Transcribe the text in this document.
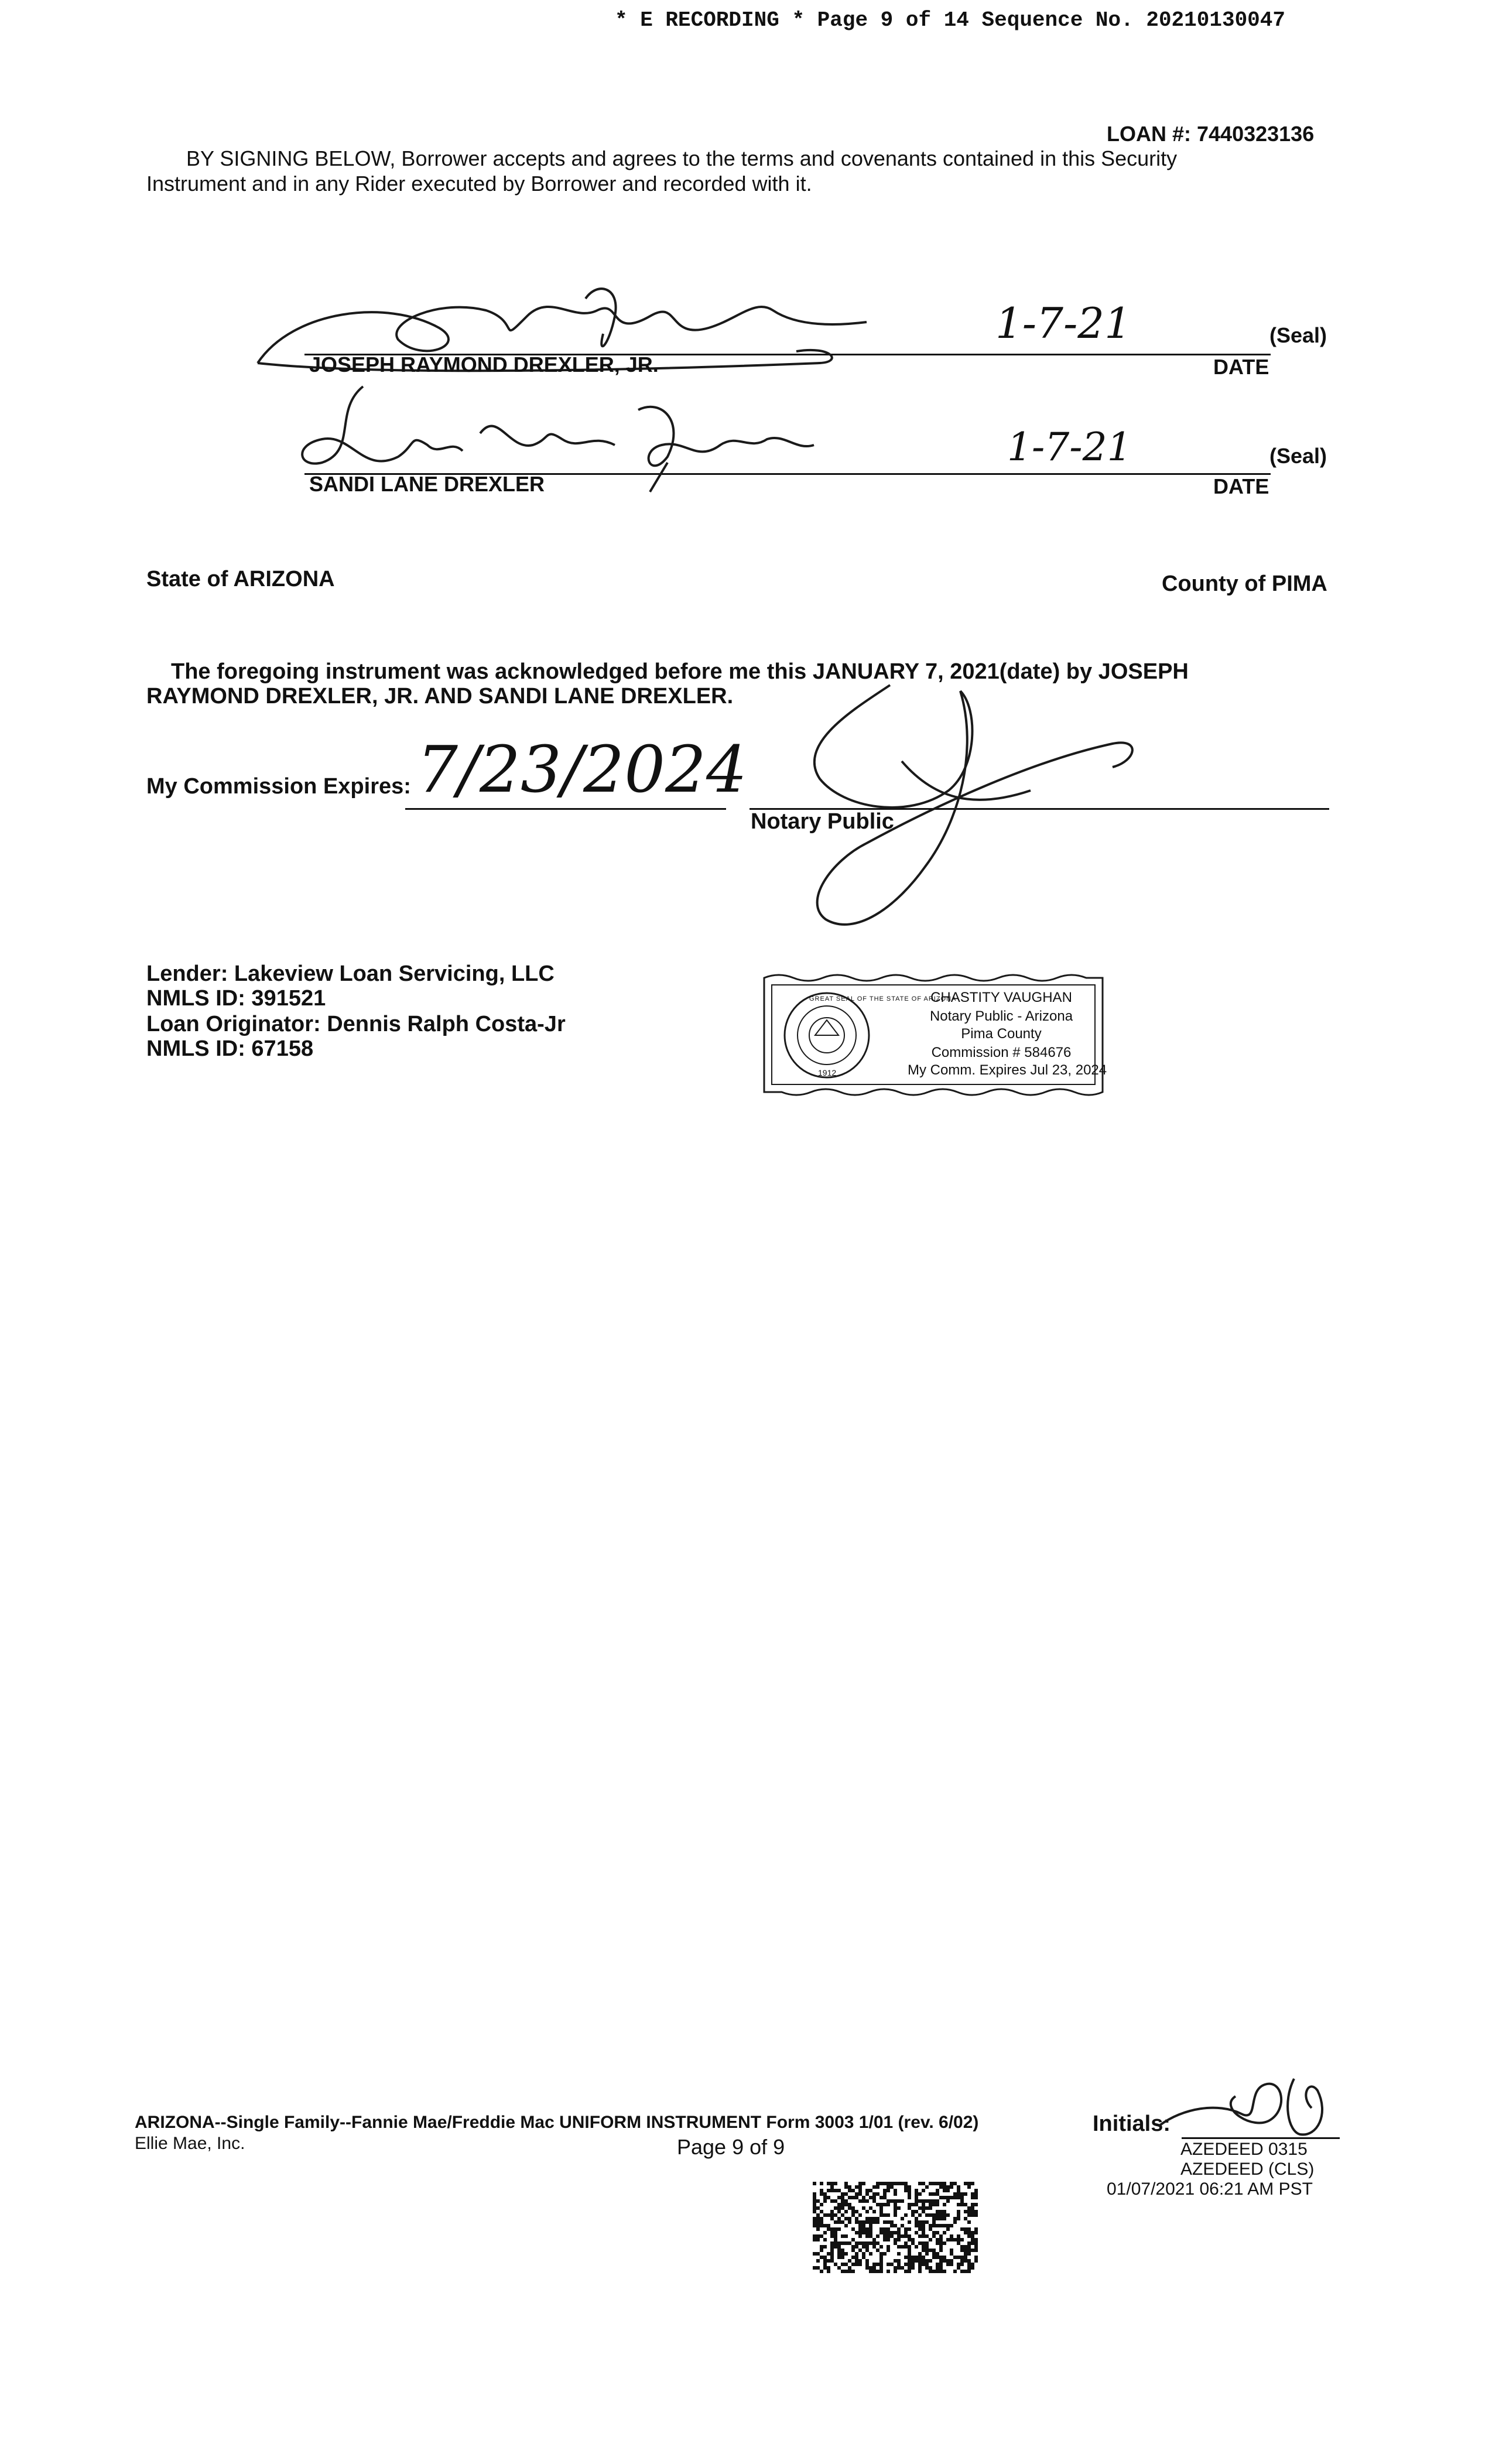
* E RECORDING * Page 9 of 14 Sequence No. 20210130047
LOAN #: 7440323136
BY SIGNING BELOW, Borrower accepts and agrees to the terms and covenants contained in this Security
Instrument and in any Rider executed by Borrower and recorded with it.
JOSEPH RAYMOND DREXLER, JR.
1-7-21	(Seal)
DATE
SANDI LANE DREXLER
1-7-21	(Seal)
DATE
State of ARIZONA	County of PIMA
The foregoing instrument was acknowledged before me this JANUARY 7, 2021(date) by JOSEPH
RAYMOND DREXLER, JR. AND SANDI LANE DREXLER.
My Commission Expires: 7/23/2024
Notary Public
Lender: Lakeview Loan Servicing, LLC
NMLS ID: 391521
Loan Originator: Dennis Ralph Costa-Jr
NMLS ID: 67158
GREAT SEAL OF THE STATE OF ARIZONA
1912
CHASTITY VAUGHAN
Notary Public - Arizona
Pima County
Commission # 584676
My Comm. Expires Jul 23, 2024
ARIZONA--Single Family--Fannie Mae/Freddie Mac UNIFORM INSTRUMENT Form 3003 1/01 (rev. 6/02)
Ellie Mae, Inc.	Page 9 of 9
Initials:
AZEDEED 0315
AZEDEED (CLS)
01/07/2021 06:21 AM PST
